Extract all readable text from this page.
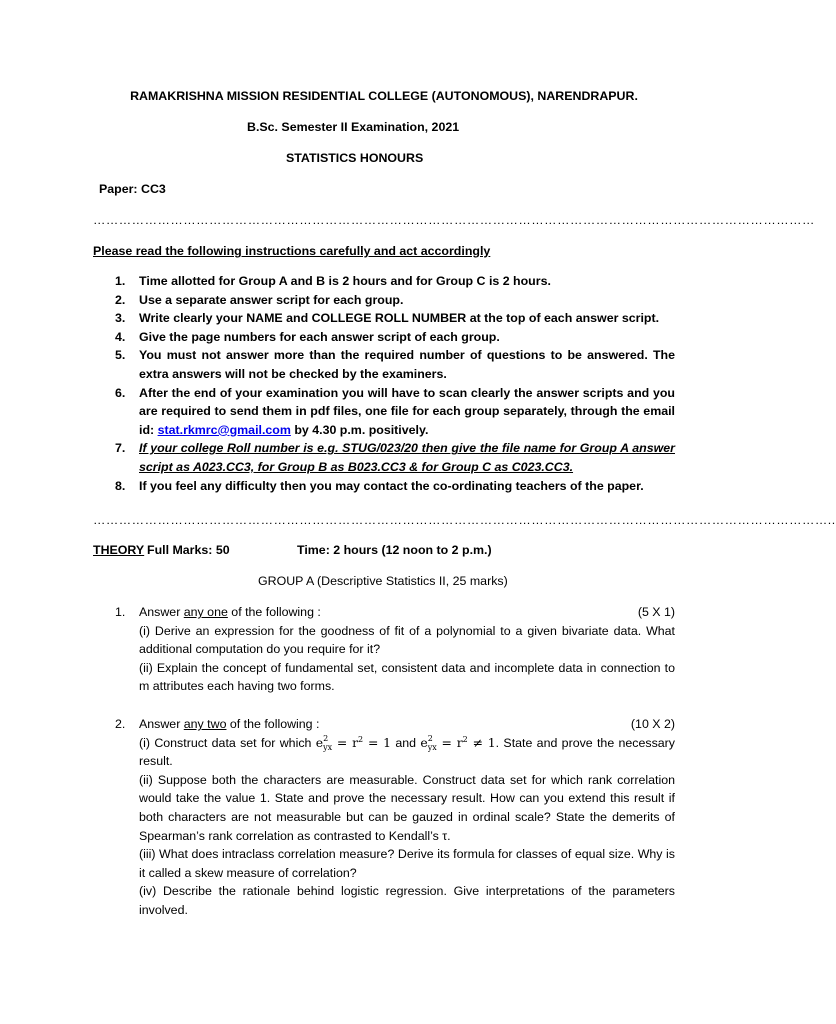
RAMAKRISHNA MISSION RESIDENTIAL COLLEGE (AUTONOMOUS), NARENDRAPUR.
B.Sc. Semester II Examination, 2021
STATISTICS HONOURS
Paper: CC3
……………………………………………………………………………………………………………………………………………………
Please read the following instructions carefully and act accordingly
1. Time allotted for Group A and B is 2 hours and for Group C is 2 hours.
2. Use a separate answer script for each group.
3. Write clearly your NAME and COLLEGE ROLL NUMBER at the top of each answer script.
4. Give the page numbers for each answer script of each group.
5. You must not answer more than the required number of questions to be answered. The extra answers will not be checked by the examiners.
6. After the end of your examination you will have to scan clearly the answer scripts and you are required to send them in pdf files, one file for each group separately, through the email id: stat.rkmrc@gmail.com by 4.30 p.m. positively.
7. If your college Roll number is e.g. STUG/023/20 then give the file name for Group A answer script as A023.CC3, for Group B as B023.CC3 & for Group C as C023.CC3.
8. If you feel any difficulty then you may contact the co-ordinating teachers of the paper.
………………………………………………………………………………………………………………………………………………………..
THEORY Full Marks: 50	Time: 2 hours (12 noon to 2 p.m.)
GROUP A (Descriptive Statistics II, 25 marks)
1. Answer any one of the following :	(5 X 1)
(i) Derive an expression for the goodness of fit of a polynomial to a given bivariate data. What additional computation do you require for it?
(ii) Explain the concept of fundamental set, consistent data and incomplete data in connection to m attributes each having two forms.
2. Answer any two of the following :	(10 X 2)
(i) Construct data set for which e 2
yx = $r^2 = 1$ and e 2
yx = $r^2 \ne 1$. State and prove the necessary result.
(ii) Suppose both the characters are measurable. Construct data set for which rank correlation would take the value 1. State and prove the necessary result. How can you extend this result if both characters are not measurable but can be gauzed in ordinal scale? State the demerits of Spearman’s rank correlation as contrasted to Kendall’s τ.
(iii) What does intraclass correlation measure? Derive its formula for classes of equal size. Why is it called a skew measure of correlation?
(iv) Describe the rationale behind logistic regression. Give interpretations of the parameters involved.
